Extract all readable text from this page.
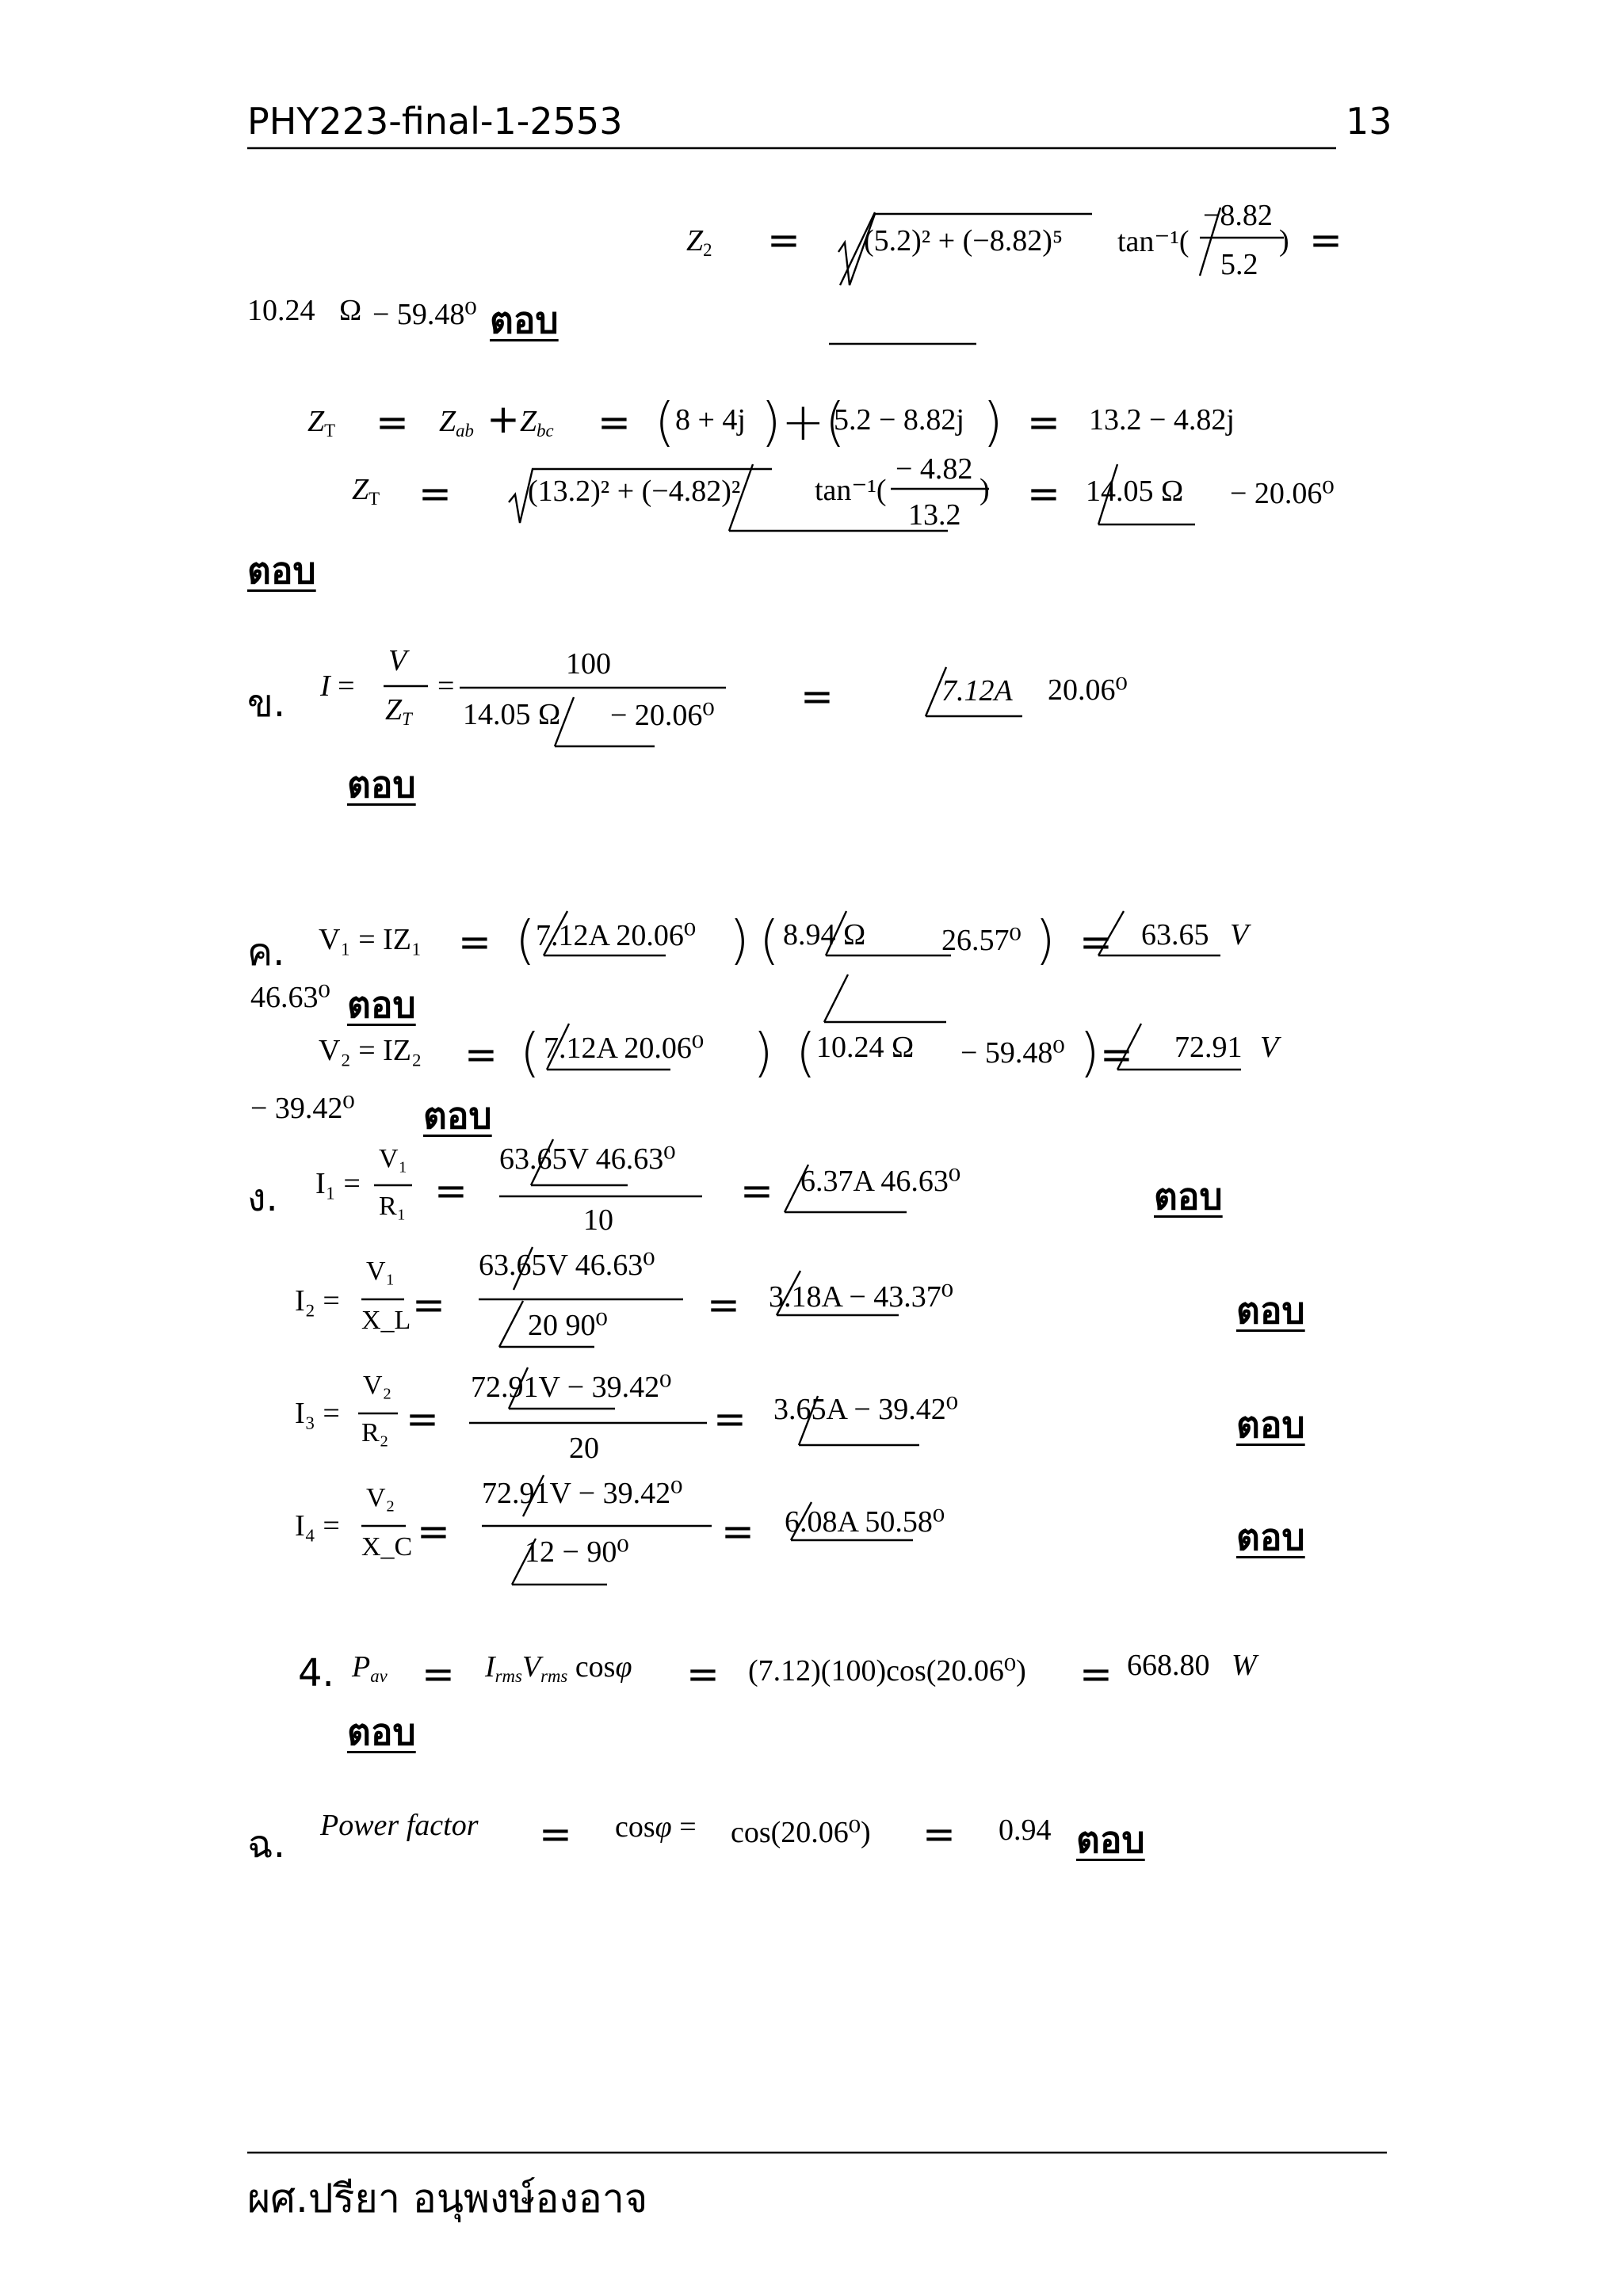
PHY223-final-1-2553	13
$Z_2 = (5.2)^2 + (-8.82)^5$ tan⁻¹(
−8.82
5.2
) =
10.24 Ω − 59.48⁰ ตอบ
$Z_T = Z_{ab} + Z_{bc}$ = ( 8 + 4j )+(
5.2 − 8.82j ) = 13.2 − 4.82j
$Z_T$ =	(13.2)² + (−4.82)² tan⁻¹(
− 4.82
13.2
) = 14.05 Ω − 20.06⁰
ตอบ
ข. I =
V
$Z_T$
=
100
14.05 Ω − 20.06⁰ =	7.12A 20.06⁰
ตอบ
ค. V₁ = IZ₁ = ( 7.12A 20.06⁰ ) ( 8.94 Ω	26.57⁰ ) = 63.65 V
46.63⁰ ตอบ
V₂ = IZ₂ = ( 7.12A 20.06⁰ ) ( 10.24 Ω − 59.48⁰ ) = 72.91 V
− 39.42⁰ ตอบ
ง. I₁ =
V₁
R₁ =
63.65V 46.63⁰
10
= 6.37A 46.63⁰	ตอบ
I₂ =
V₁
X_L =
63.65V 46.63⁰
20 90⁰	= 3.18A − 43.37⁰	ตอบ
I₃ =
V₂
R₂ =
72.91V − 39.42⁰
20
= 3.65A − 39.42⁰	ตอบ
I₄ =
V₂
X_C =
72.91V − 39.42⁰
12 − 90⁰ = 6.08A 50.58⁰	ตอบ
4. $P_{av} = I_{rms}V_{rms}$ cosφ = (7.12)(100)cos(20.06⁰) = 668.80 W
ตอบ
ฉ. Power factor = cosφ = cos(20.06⁰) = 0.94 ตอบ
ผศ.ปรียา อนุพงษ์องอาจ
